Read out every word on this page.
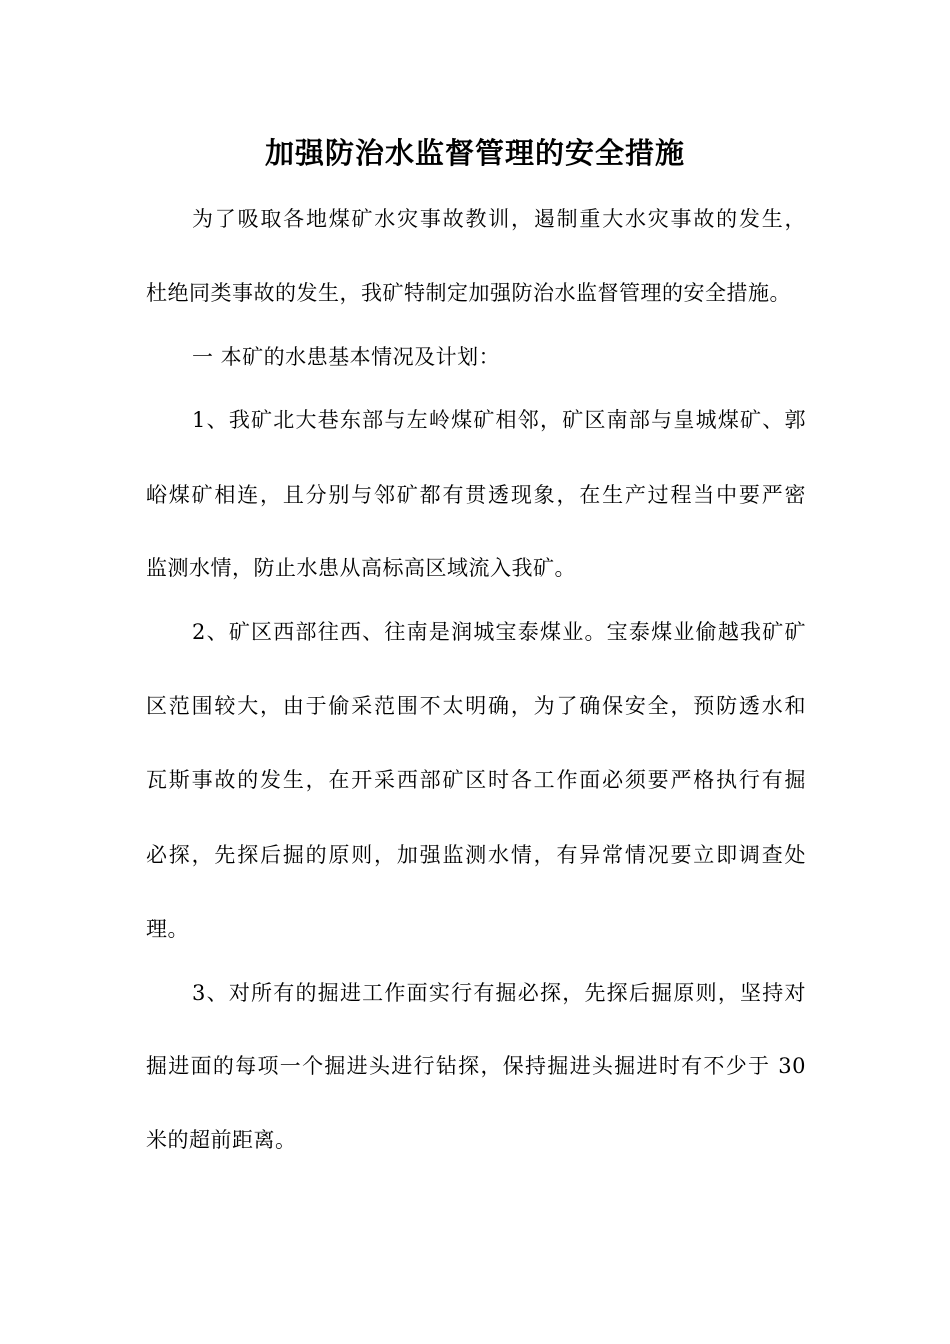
加强防治水监督管理的安全措施
为了吸取各地煤矿水灾事故教训，遏制重大水灾事故的发生，
杜绝同类事故的发生，我矿特制定加强防治水监督管理的安全措施。
一 本矿的水患基本情况及计划：
1、我矿北大巷东部与左岭煤矿相邻，矿区南部与皇城煤矿、郭
峪煤矿相连，且分别与邻矿都有贯透现象，在生产过程当中要严密
监测水情，防止水患从高标高区域流入我矿。
2、矿区西部往西、往南是润城宝泰煤业。宝泰煤业偷越我矿矿
区范围较大，由于偷采范围不太明确，为了确保安全，预防透水和
瓦斯事故的发生，在开采西部矿区时各工作面必须要严格执行有掘
必探，先探后掘的原则，加强监测水情，有异常情况要立即调查处
理。
3、对所有的掘进工作面实行有掘必探，先探后掘原则，坚持对
掘进面的每项一个掘进头进行钻探，保持掘进头掘进时有不少于 30
米的超前距离。
